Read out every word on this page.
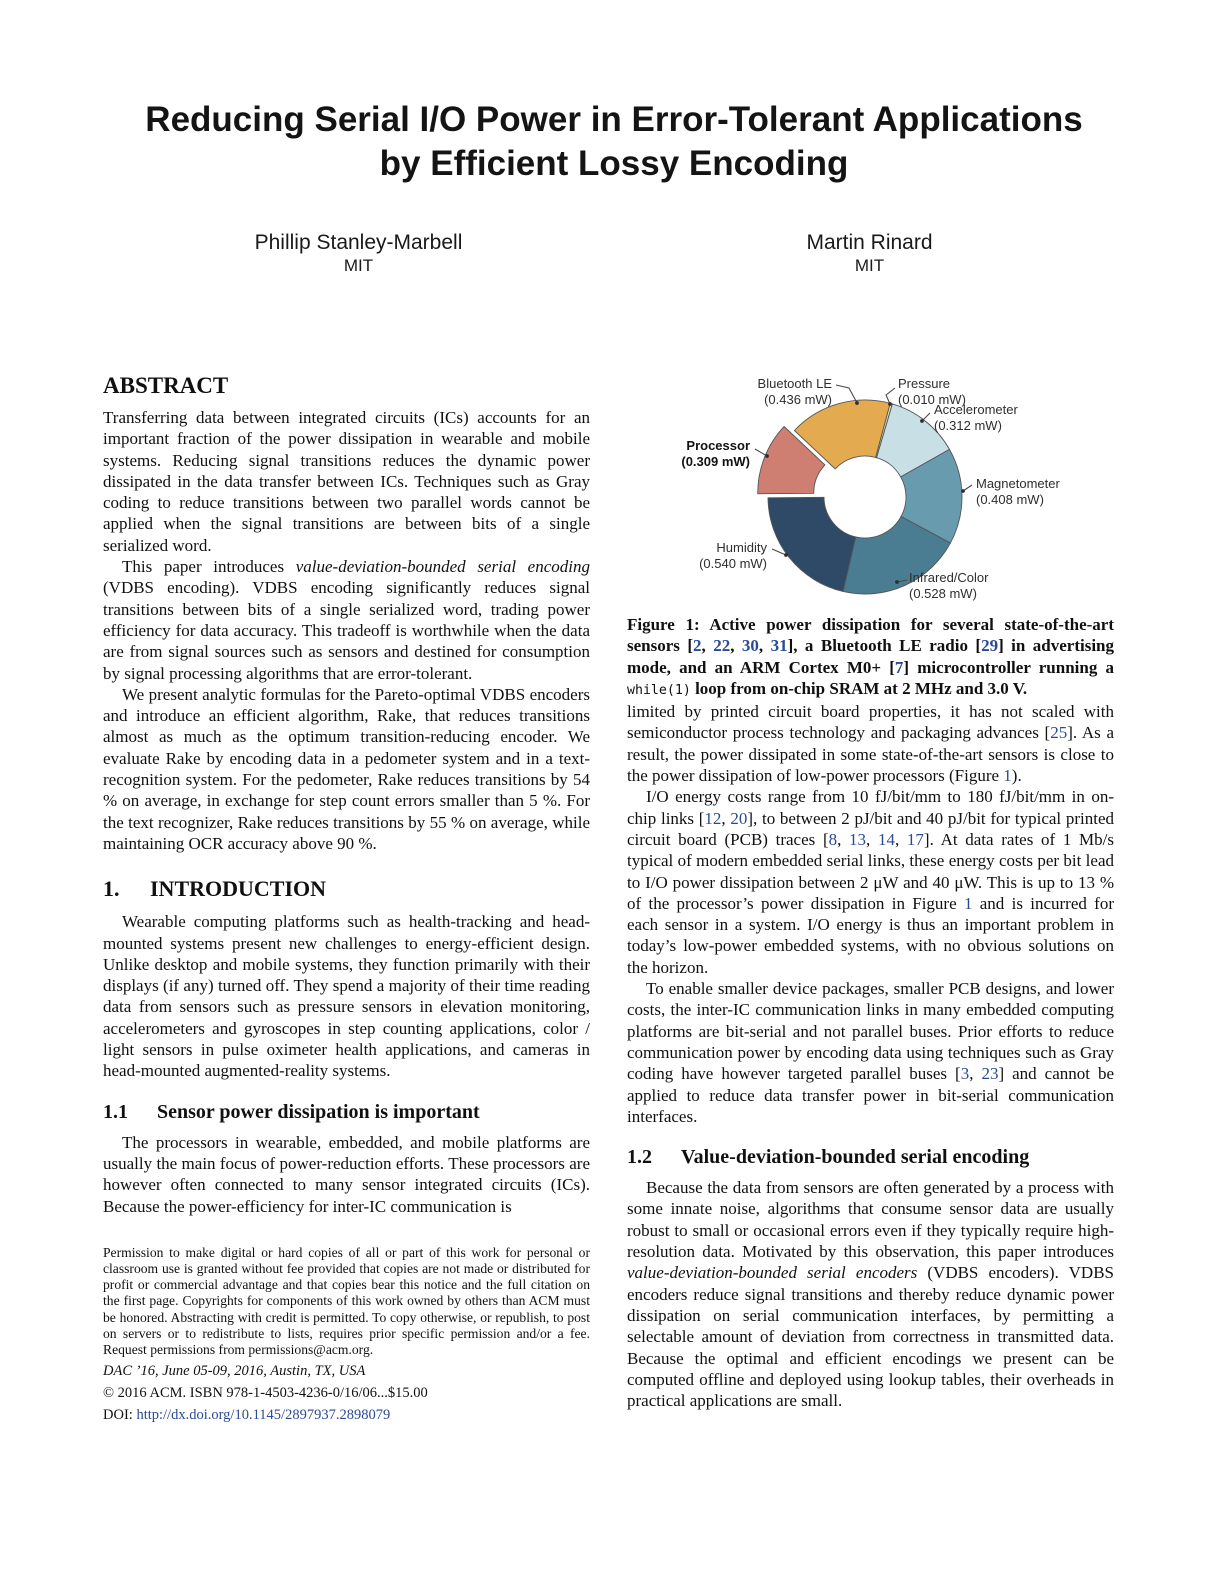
Reducing Serial I/O Power in Error-Tolerant Applications
by Efficient Lossy Encoding
Phillip Stanley-Marbell
MIT
Martin Rinard
MIT
ABSTRACT

Transferring data between integrated circuits (ICs) accounts for an important fraction of the power dissipation in wearable and mobile systems. Reducing signal transitions reduces the dynamic power dissipated in the data transfer between ICs. Techniques such as Gray coding to reduce transitions between two parallel words cannot be applied when the signal transitions are between bits of a single serialized word.

This paper introduces value-deviation-bounded serial encoding (VDBS encoding). VDBS encoding significantly reduces signal transitions between bits of a single serialized word, trading power efficiency for data accuracy. This tradeoff is worthwhile when the data are from signal sources such as sensors and destined for consumption by signal processing algorithms that are error-tolerant.

We present analytic formulas for the Pareto-optimal VDBS encoders and introduce an efficient algorithm, Rake, that reduces transitions almost as much as the optimum transition-reducing encoder. We evaluate Rake by encoding data in a pedometer system and in a text-recognition system. For the pedometer, Rake reduces transitions by 54 % on average, in exchange for step count errors smaller than 5 %. For the text recognizer, Rake reduces transitions by 55 % on average, while maintaining OCR accuracy above 90 %.

1. INTRODUCTION

Wearable computing platforms such as health-tracking and head-mounted systems present new challenges to energy-efficient design. Unlike desktop and mobile systems, they function primarily with their displays (if any) turned off. They spend a majority of their time reading data from sensors such as pressure sensors in elevation monitoring, accelerometers and gyroscopes in step counting applications, color / light sensors in pulse oximeter health applications, and cameras in head-mounted augmented-reality systems.

1.1 Sensor power dissipation is important

The processors in wearable, embedded, and mobile platforms are usually the main focus of power-reduction efforts. These processors are however often connected to many sensor integrated circuits (ICs). Because the power-efficiency for inter-IC communication is

Permission to make digital or hard copies of all or part of this work for personal or classroom use is granted without fee provided that copies are not made or distributed for profit or commercial advantage and that copies bear this notice and the full citation on the first page. Copyrights for components of this work owned by others than ACM must be honored. Abstracting with credit is permitted. To copy otherwise, or republish, to post on servers or to redistribute to lists, requires prior specific permission and/or a fee. Request permissions from permissions@acm.org.

DAC ’16, June 05-09, 2016, Austin, TX, USA

© 2016 ACM. ISBN 978-1-4503-4236-0/16/06...$15.00

DOI: http://dx.doi.org/10.1145/2897937.2898079

Pressure
(0.010 mW)
Accelerometer
(0.312 mW)
Magnetometer
(0.408 mW)
Infrared/Color
(0.528 mW)
Humidity
(0.540 mW)
Processor
(0.309 mW)
Bluetooth LE
(0.436 mW)
Figure 1: Active power dissipation for several state-of-the-art sensors [2, 22, 30, 31], a Bluetooth LE radio [29] in advertising mode, and an ARM Cortex M0+ [7] microcontroller running a while(1) loop from on-chip SRAM at 2 MHz and 3.0 V.

limited by printed circuit board properties, it has not scaled with semiconductor process technology and packaging advances [25]. As a result, the power dissipated in some state-of-the-art sensors is close to the power dissipation of low-power processors (Figure 1).

I/O energy costs range from 10 fJ/bit/mm to 180 fJ/bit/mm in on-chip links [12, 20], to between 2 pJ/bit and 40 pJ/bit for typical printed circuit board (PCB) traces [8, 13, 14, 17]. At data rates of 1 Mb/s typical of modern embedded serial links, these energy costs per bit lead to I/O power dissipation between 2 μW and 40 μW. This is up to 13 % of the processor’s power dissipation in Figure 1 and is incurred for each sensor in a system. I/O energy is thus an important problem in today’s low-power embedded systems, with no obvious solutions on the horizon.

To enable smaller device packages, smaller PCB designs, and lower costs, the inter-IC communication links in many embedded computing platforms are bit-serial and not parallel buses. Prior efforts to reduce communication power by encoding data using techniques such as Gray coding have however targeted parallel buses [3, 23] and cannot be applied to reduce data transfer power in bit-serial communication interfaces.

1.2 Value-deviation-bounded serial encoding

Because the data from sensors are often generated by a process with some innate noise, algorithms that consume sensor data are usually robust to small or occasional errors even if they typically require high-resolution data. Motivated by this observation, this paper introduces value-deviation-bounded serial encoders (VDBS encoders). VDBS encoders reduce signal transitions and thereby reduce dynamic power dissipation on serial communication interfaces, by permitting a selectable amount of deviation from correctness in transmitted data. Because the optimal and efficient encodings we present can be computed offline and deployed using lookup tables, their overheads in practical applications are small.
